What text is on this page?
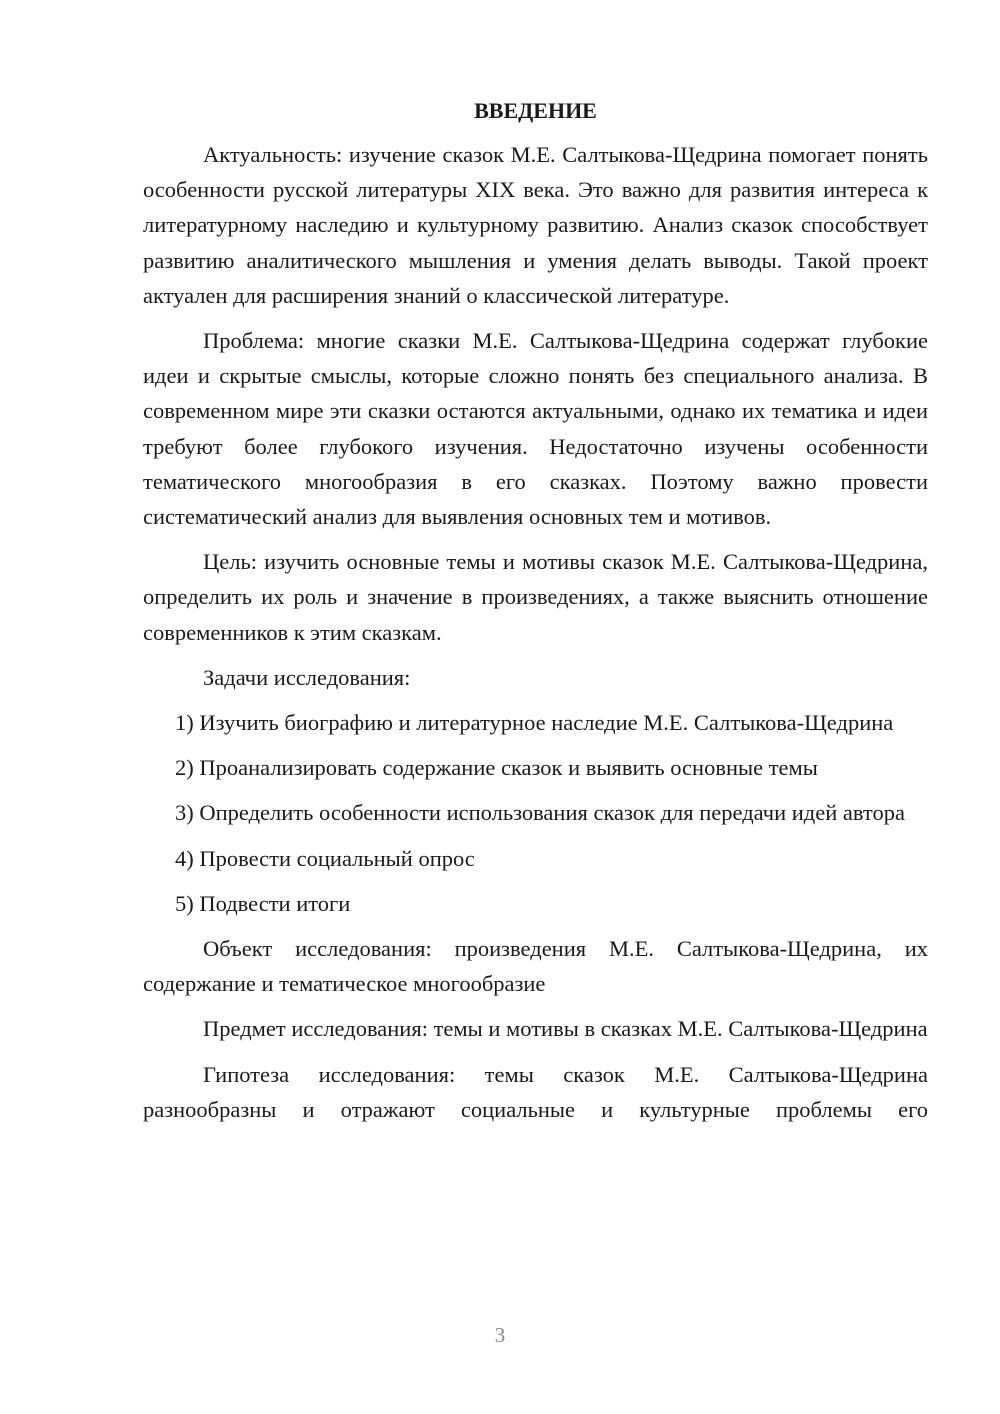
ВВЕДЕНИЕ

Актуальность: изучение сказок М.Е. Салтыкова-Щедрина помогает понять особенности русской литературы XIX века. Это важно для развития интереса к литературному наследию и культурному развитию. Анализ сказок способствует развитию аналитического мышления и умения делать выводы. Такой проект актуален для расширения знаний о классической литературе.

Проблема: многие сказки М.Е. Салтыкова-Щедрина содержат глубокие идеи и скрытые смыслы, которые сложно понять без специального анализа. В современном мире эти сказки остаются актуальными, однако их тематика и идеи требуют более глубокого изучения. Недостаточно изучены особенности тематического многообразия в его сказках. Поэтому важно провести систематический анализ для выявления основных тем и мотивов.

Цель: изучить основные темы и мотивы сказок М.Е. Салтыкова-Щедрина, определить их роль и значение в произведениях, а также выяснить отношение современников к этим сказкам.

Задачи исследования:

1) Изучить биографию и литературное наследие М.Е. Салтыкова-Щедрина

2) Проанализировать содержание сказок и выявить основные темы

3) Определить особенности использования сказок для передачи идей автора

4) Провести социальный опрос

5) Подвести итоги

Объект исследования: произведения М.Е. Салтыкова-Щедрина, их содержание и тематическое многообразие

Предмет исследования: темы и мотивы в сказках М.Е. Салтыкова-Щедрина

Гипотеза исследования: темы сказок М.Е. Салтыкова-Щедрина разнообразны и отражают социальные и культурные проблемы его

3
